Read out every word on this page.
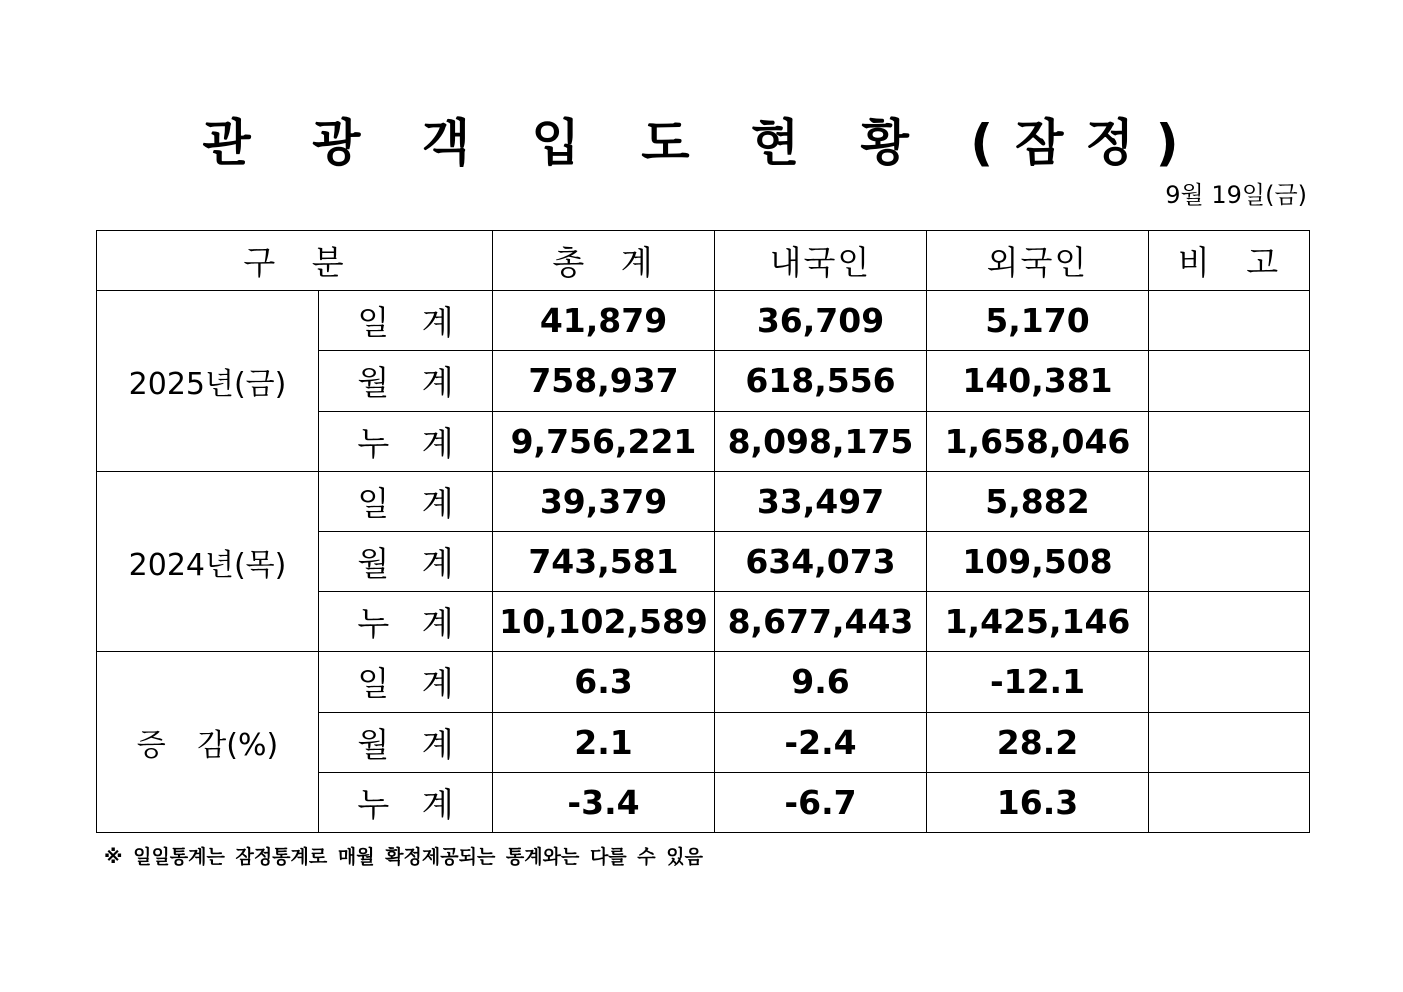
관 광 객 입 도 현 황 (잠정)
9월 19일(금)
구 분		총 계	내국인	외국인	비 고
2025년(금)	일 계	41,879	36,709	5,170	
	월 계	758,937	618,556	140,381	
	누 계	9,756,221	8,098,175	1,658,046	
2024년(목)	일 계	39,379	33,497	5,882	
	월 계	743,581	634,073	109,508	
	누 계	10,102,589	8,677,443	1,425,146	
증 감(%)	일 계	6.3	9.6	-12.1	
	월 계	2.1	-2.4	28.2	
	누 계	-3.4	-6.7	16.3	
※ 일일통계는 잠정통계로 매월 확정제공되는 통계와는 다를 수 있음
